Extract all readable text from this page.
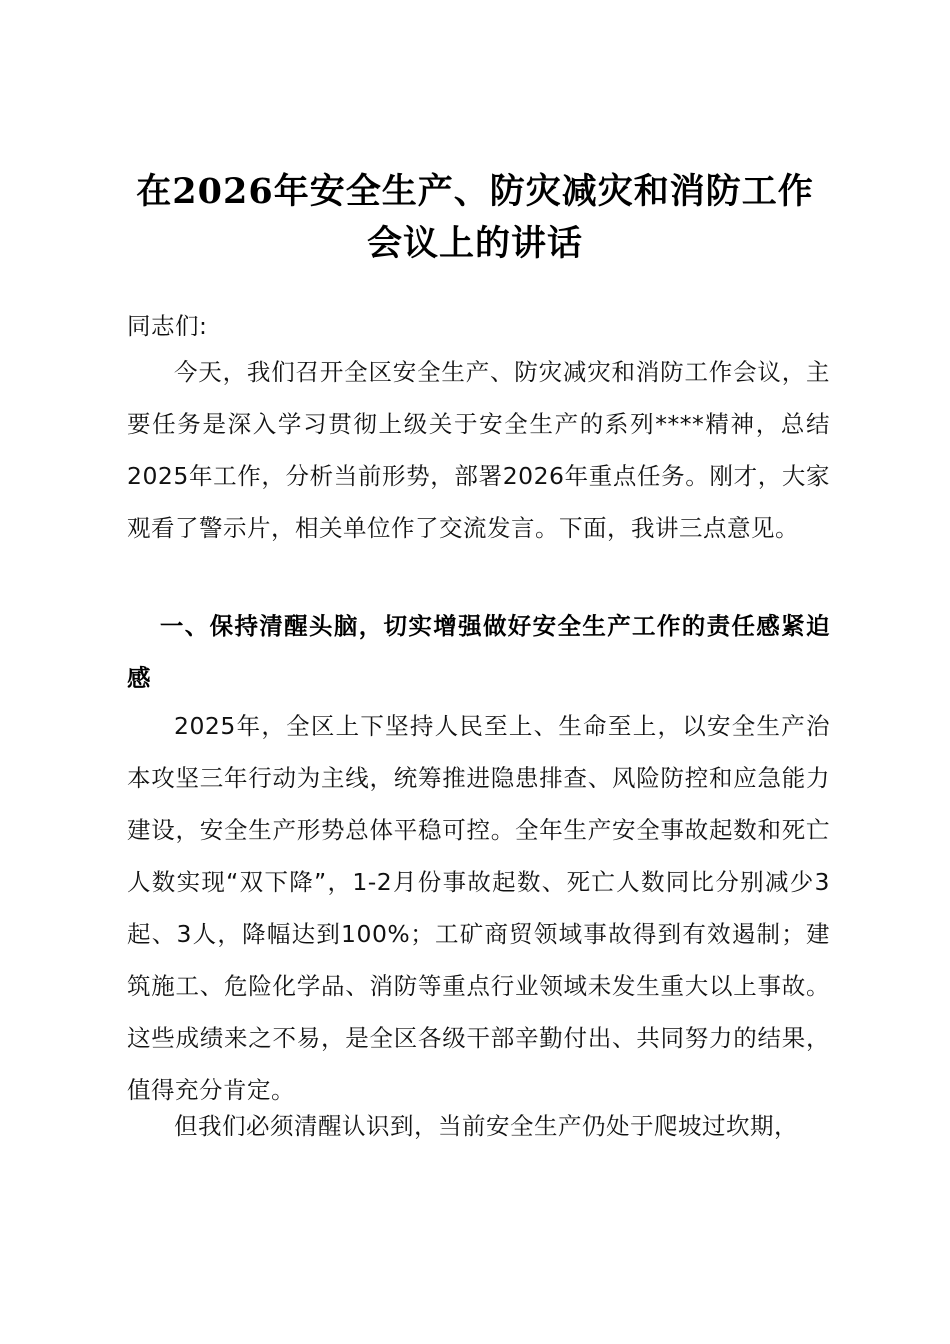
在2026年安全生产、防灾减灾和消防工作会议上的讲话

同志们:

今天，我们召开全区安全生产、防灾减灾和消防工作会议，主要任务是深入学习贯彻上级关于安全生产的系列****精神，总结2025年工作，分析当前形势，部署2026年重点任务。刚才，大家观看了警示片，相关单位作了交流发言。下面，我讲三点意见。

一、保持清醒头脑，切实增强做好安全生产工作的责任感紧迫感

2025年，全区上下坚持人民至上、生命至上，以安全生产治本攻坚三年行动为主线，统筹推进隐患排查、风险防控和应急能力建设，安全生产形势总体平稳可控。全年生产安全事故起数和死亡人数实现“双下降”，1-2月份事故起数、死亡人数同比分别减少3起、3人，降幅达到100%；工矿商贸领域事故得到有效遏制；建筑施工、危险化学品、消防等重点行业领域未发生重大以上事故。这些成绩来之不易，是全区各级干部辛勤付出、共同努力的结果，值得充分肯定。

但我们必须清醒认识到，当前安全生产仍处于爬坡过坎期，
